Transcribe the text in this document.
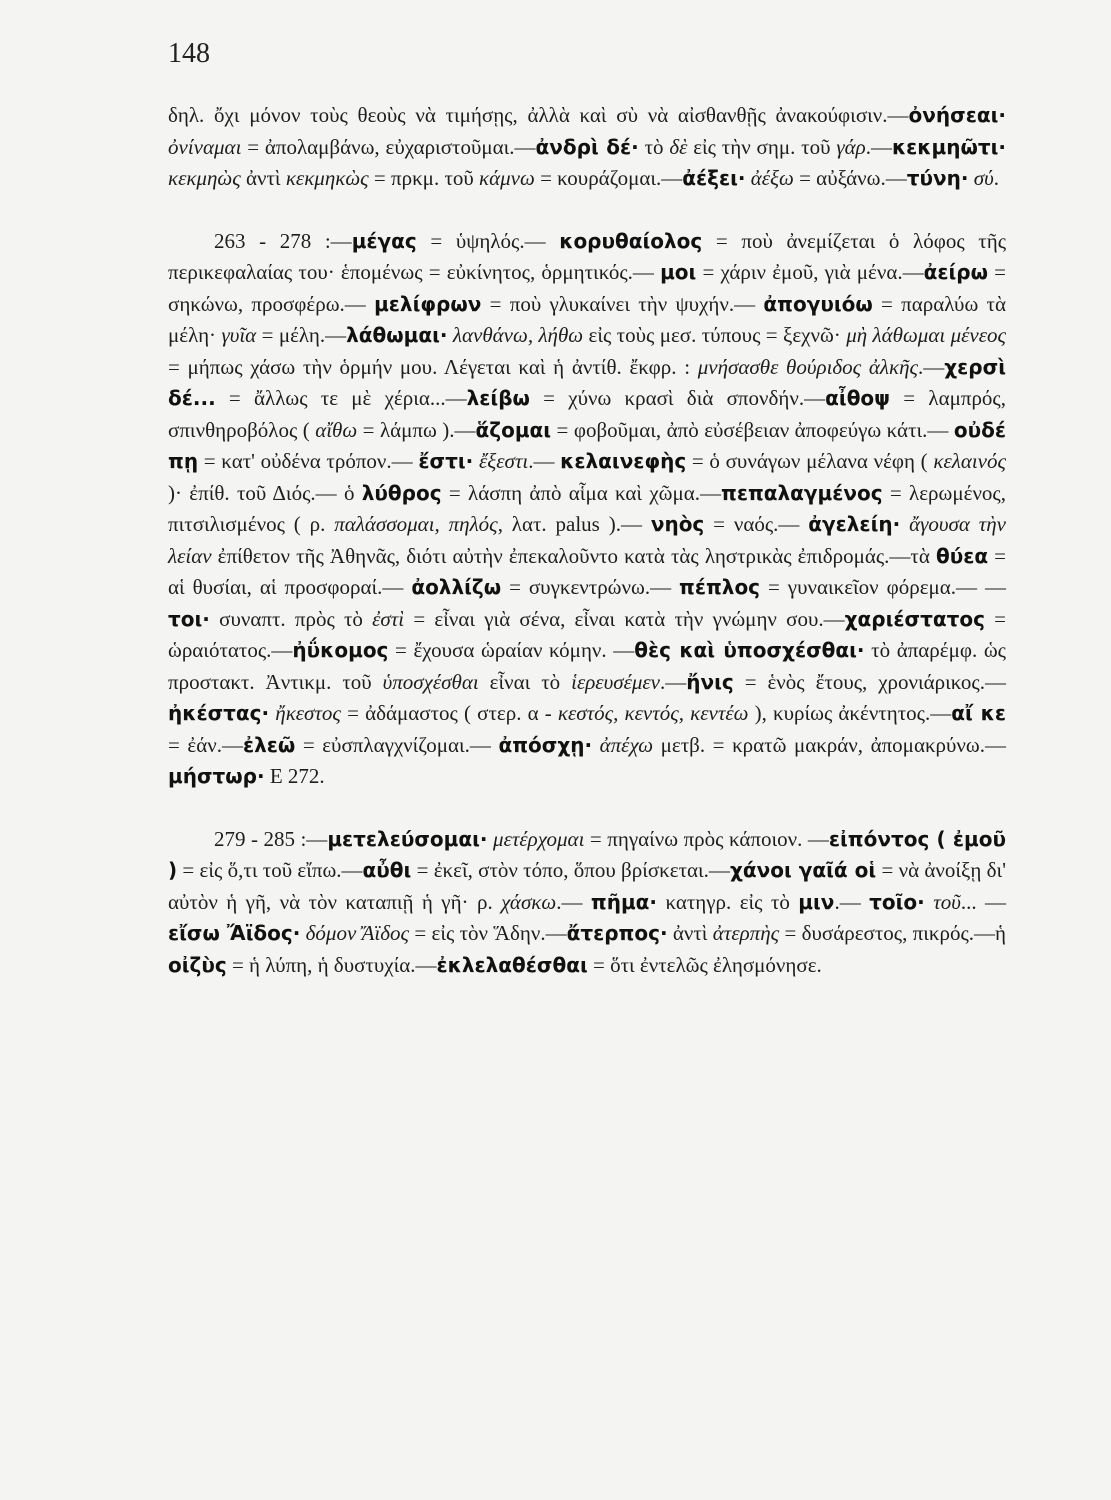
148
δηλ. ὄχι μόνον τοὺς θεοὺς νὰ τιμήσῃς, ἀλλὰ καὶ σὺ νὰ αἰσθανθῇς ἀνακούφισιν.—ὀνήσεαι· ὀνίναμαι = ἀπολαμβάνω, εὐχαριστοῦμαι.—ἀνδρὶ δέ· τὸ δὲ εἰς τὴν σημ. τοῦ γάρ.—κεκμηῶτι· κεκμηὼς ἀντὶ κεκμηκὼς = πρκμ. τοῦ κάμνω = κουράζομαι.—ἀέξει· ἀέξω = αὐξάνω.—τύνη· σύ.
263 - 278 :—μέγας = ὑψηλός.— κορυθαίολος = ποὺ ἀνεμίζεται ὁ λόφος τῆς περικεφαλαίας του· ἑπομένως = εὐκίνητος, ὁρμητικός.— μοι = χάριν ἐμοῦ, γιὰ μένα.—ἀείρω = σηκώνω, προσφέρω.— μελίφρων = ποὺ γλυκαίνει τὴν ψυχήν.— ἀπογυιόω = παραλύω τὰ μέλη· γυῖα = μέλη.—λάθωμαι· λανθάνω, λήθω εἰς τοὺς μεσ. τύπους = ξεχνῶ· μὴ λάθωμαι μένεος = μήπως χάσω τὴν ὁρμήν μου. Λέγεται καὶ ἡ ἀντίθ. ἔκφρ. : μνήσασθε θούριδος ἀλκῆς.—χερσὶ δέ... = ἄλλως τε μὲ χέρια...—λείβω = χύνω κρασὶ διὰ σπονδήν.—αἶθοψ = λαμπρός, σπινθηροβόλος ( αἴθω = λάμπω ).—ἅζομαι = φοβοῦμαι, ἀπὸ εὐσέβειαν ἀποφεύγω κάτι.— οὐδέ πῃ = κατ' οὐδένα τρόπον.— ἔστι· ἔξεστι.— κελαινεφὴς = ὁ συνάγων μέλανα νέφη ( κελαινός )· ἐπίθ. τοῦ Διός.— ὁ λύθρος = λάσπη ἀπὸ αἷμα καὶ χῶμα.—πεπαλαγμένος = λερωμένος, πιτσιλισμένος ( ρ. παλάσσομαι, πηλός, λατ. palus ).— νηὸς = ναός.— ἀγελείη· ἄγουσα τὴν λείαν ἐπίθετον τῆς Ἀθηνᾶς, διότι αὐτὴν ἐπεκαλοῦντο κατὰ τὰς ληστρικὰς ἐπιδρομάς.—τὰ θύεα = αἱ θυσίαι, αἱ προσφοραί.— ἀολλίζω = συγκεντρώνω.— πέπλος = γυναικεῖον φόρεμα.— — τοι· συναπτ. πρὸς τὸ ἐστὶ = εἶναι γιὰ σένα, εἶναι κατὰ τὴν γνώμην σου.—χαριέστατος = ὡραιότατος.—ἠΰκομος = ἔχουσα ὡραίαν κόμην. —θὲς καὶ ὑποσχέσθαι· τὸ ἀπαρέμφ. ὡς προστακτ. Ἀντικμ. τοῦ ὑποσχέσθαι εἶναι τὸ ἱερευσέμεν.—ἤνις = ἑνὸς ἔτους, χρονιάρικος.—ἠκέστας· ἤκεστος = ἀδάμαστος ( στερ. α - κεστός, κεντός, κεντέω ), κυρίως ἀκέντητος.—αἴ κε = ἐάν.—ἐλεῶ = εὐσπλαγχνίζομαι.— ἀπόσχῃ· ἀπέχω μετβ. = κρατῶ μακράν, ἀπομακρύνω.— μήστωρ· Ε 272.
279 - 285 :—μετελεύσομαι· μετέρχομαι = πηγαίνω πρὸς κάποιον. —εἰπόντος ( ἐμοῦ ) = εἰς ὅ,τι τοῦ εἴπω.—αὖθι = ἐκεῖ, στὸν τόπο, ὅπου βρίσκεται.—χάνοι γαῖά οἱ = νὰ ἀνοίξῃ δι' αὐτὸν ἡ γῆ, νὰ τὸν καταπιῇ ἡ γῆ· ρ. χάσκω.— πῆμα· κατηγρ. εἰς τὸ μιν.— τοῖο· τοῦ... — εἴσω Ἄϊδος· δόμον Ἄϊδος = εἰς τὸν Ἅδην.—ἄτερπος· ἀντὶ ἀτερπὴς = δυσάρεστος, πικρός.—ἡ οἰζὺς = ἡ λύπη, ἡ δυστυχία.—ἐκλελαθέσθαι = ὅτι ἐντελῶς ἐλησμόνησε.
